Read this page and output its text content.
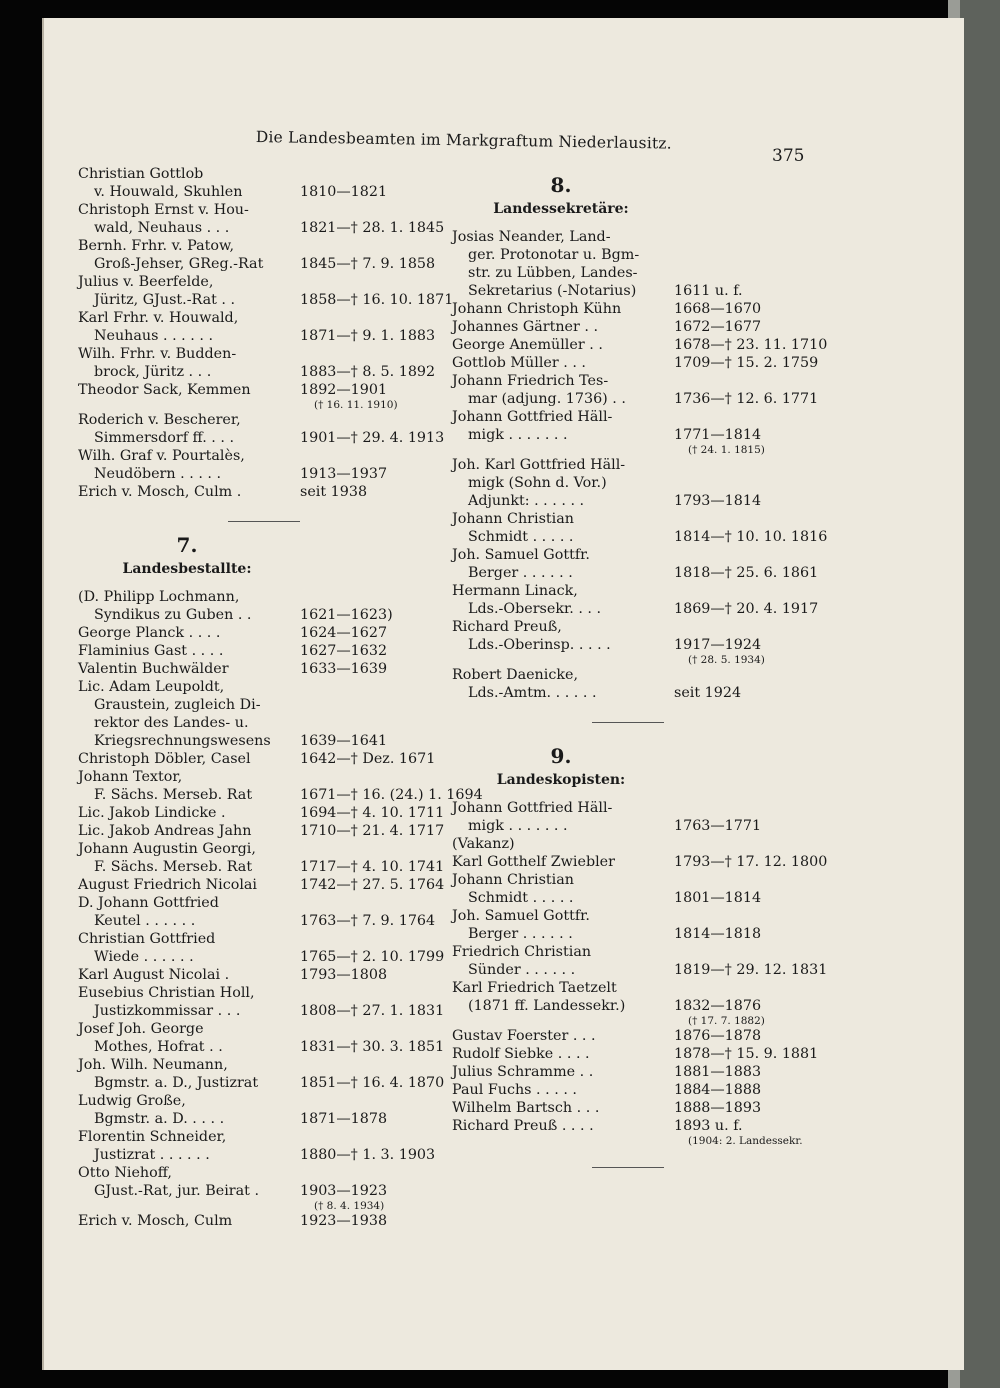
Die Landesbeamten im Markgraftum Niederlausitz.
375
Christian Gottlob
v. Houwald, Skuhlen	1810—1821
Christoph Ernst v. Hou-
wald, Neuhaus . . .	1821—† 28. 1. 1845
Bernh. Frhr. v. Patow,
Groß-Jehser, GReg.-Rat	1845—† 7. 9. 1858
Julius v. Beerfelde,
Jüritz, GJust.-Rat . .	1858—† 16. 10. 1871
Karl Frhr. v. Houwald,
Neuhaus . . . . . .	1871—† 9. 1. 1883
Wilh. Frhr. v. Budden-
brock, Jüritz . . .	1883—† 8. 5. 1892
Theodor Sack, Kemmen	1892—1901
(† 16. 11. 1910)
Roderich v. Bescherer,
Simmersdorf ff. . . .	1901—† 29. 4. 1913
Wilh. Graf v. Pourtalès,
Neudöbern . . . . .	1913—1937
Erich v. Mosch, Culm .	seit 1938
7.
Landesbestallte:
(D. Philipp Lochmann,
Syndikus zu Guben . .	1621—1623)
George Planck . . . .	1624—1627
Flaminius Gast . . . .	1627—1632
Valentin Buchwälder	1633—1639
Lic. Adam Leupoldt,
Graustein, zugleich Di-
rektor des Landes- u.
Kriegsrechnungswesens	1639—1641
Christoph Döbler, Casel	1642—† Dez. 1671
Johann Textor,
F. Sächs. Merseb. Rat	1671—† 16. (24.) 1. 1694
Lic. Jakob Lindicke .	1694—† 4. 10. 1711
Lic. Jakob Andreas Jahn	1710—† 21. 4. 1717
Johann Augustin Georgi,
F. Sächs. Merseb. Rat	1717—† 4. 10. 1741
August Friedrich Nicolai	1742—† 27. 5. 1764
D. Johann Gottfried
Keutel . . . . . .	1763—† 7. 9. 1764
Christian Gottfried
Wiede . . . . . .	1765—† 2. 10. 1799
Karl August Nicolai .	1793—1808
Eusebius Christian Holl,
Justizkommissar . . .	1808—† 27. 1. 1831
Josef Joh. George
Mothes, Hofrat . .	1831—† 30. 3. 1851
Joh. Wilh. Neumann,
Bgmstr. a. D., Justizrat	1851—† 16. 4. 1870
Ludwig Große,
Bgmstr. a. D. . . . .	1871—1878
Florentin Schneider,
Justizrat . . . . . .	1880—† 1. 3. 1903
Otto Niehoff,
GJust.-Rat, jur. Beirat .	1903—1923
(† 8. 4. 1934)
Erich v. Mosch, Culm	1923—1938
8.
Landessekretäre:
Josias Neander, Land-
ger. Protonotar u. Bgm-
str. zu Lübben, Landes-
Sekretarius (-Notarius)	1611 u. f.
Johann Christoph Kühn	1668—1670
Johannes Gärtner . .	1672—1677
George Anemüller . .	1678—† 23. 11. 1710
Gottlob Müller . . .	1709—† 15. 2. 1759
Johann Friedrich Tes-
mar (adjung. 1736) . .	1736—† 12. 6. 1771
Johann Gottfried Häll-
migk . . . . . . .	1771—1814
(† 24. 1. 1815)
Joh. Karl Gottfried Häll-
migk (Sohn d. Vor.)
Adjunkt: . . . . . .	1793—1814
Johann Christian
Schmidt . . . . .	1814—† 10. 10. 1816
Joh. Samuel Gottfr.
Berger . . . . . .	1818—† 25. 6. 1861
Hermann Linack,
Lds.-Obersekr. . . .	1869—† 20. 4. 1917
Richard Preuß,
Lds.-Oberinsp. . . . .	1917—1924
(† 28. 5. 1934)
Robert Daenicke,
Lds.-Amtm. . . . . .	seit 1924
9.
Landeskopisten:
Johann Gottfried Häll-
migk . . . . . . .	1763—1771
(Vakanz)
Karl Gotthelf Zwiebler	1793—† 17. 12. 1800
Johann Christian
Schmidt . . . . .	1801—1814
Joh. Samuel Gottfr.
Berger . . . . . .	1814—1818
Friedrich Christian
Sünder . . . . . .	1819—† 29. 12. 1831
Karl Friedrich Taetzelt
(1871 ff. Landessekr.)	1832—1876
(† 17. 7. 1882)
Gustav Foerster . . .	1876—1878
Rudolf Siebke . . . .	1878—† 15. 9. 1881
Julius Schramme . .	1881—1883
Paul Fuchs . . . . .	1884—1888
Wilhelm Bartsch . . .	1888—1893
Richard Preuß . . . .	1893 u. f.
(1904: 2. Landessekr.
